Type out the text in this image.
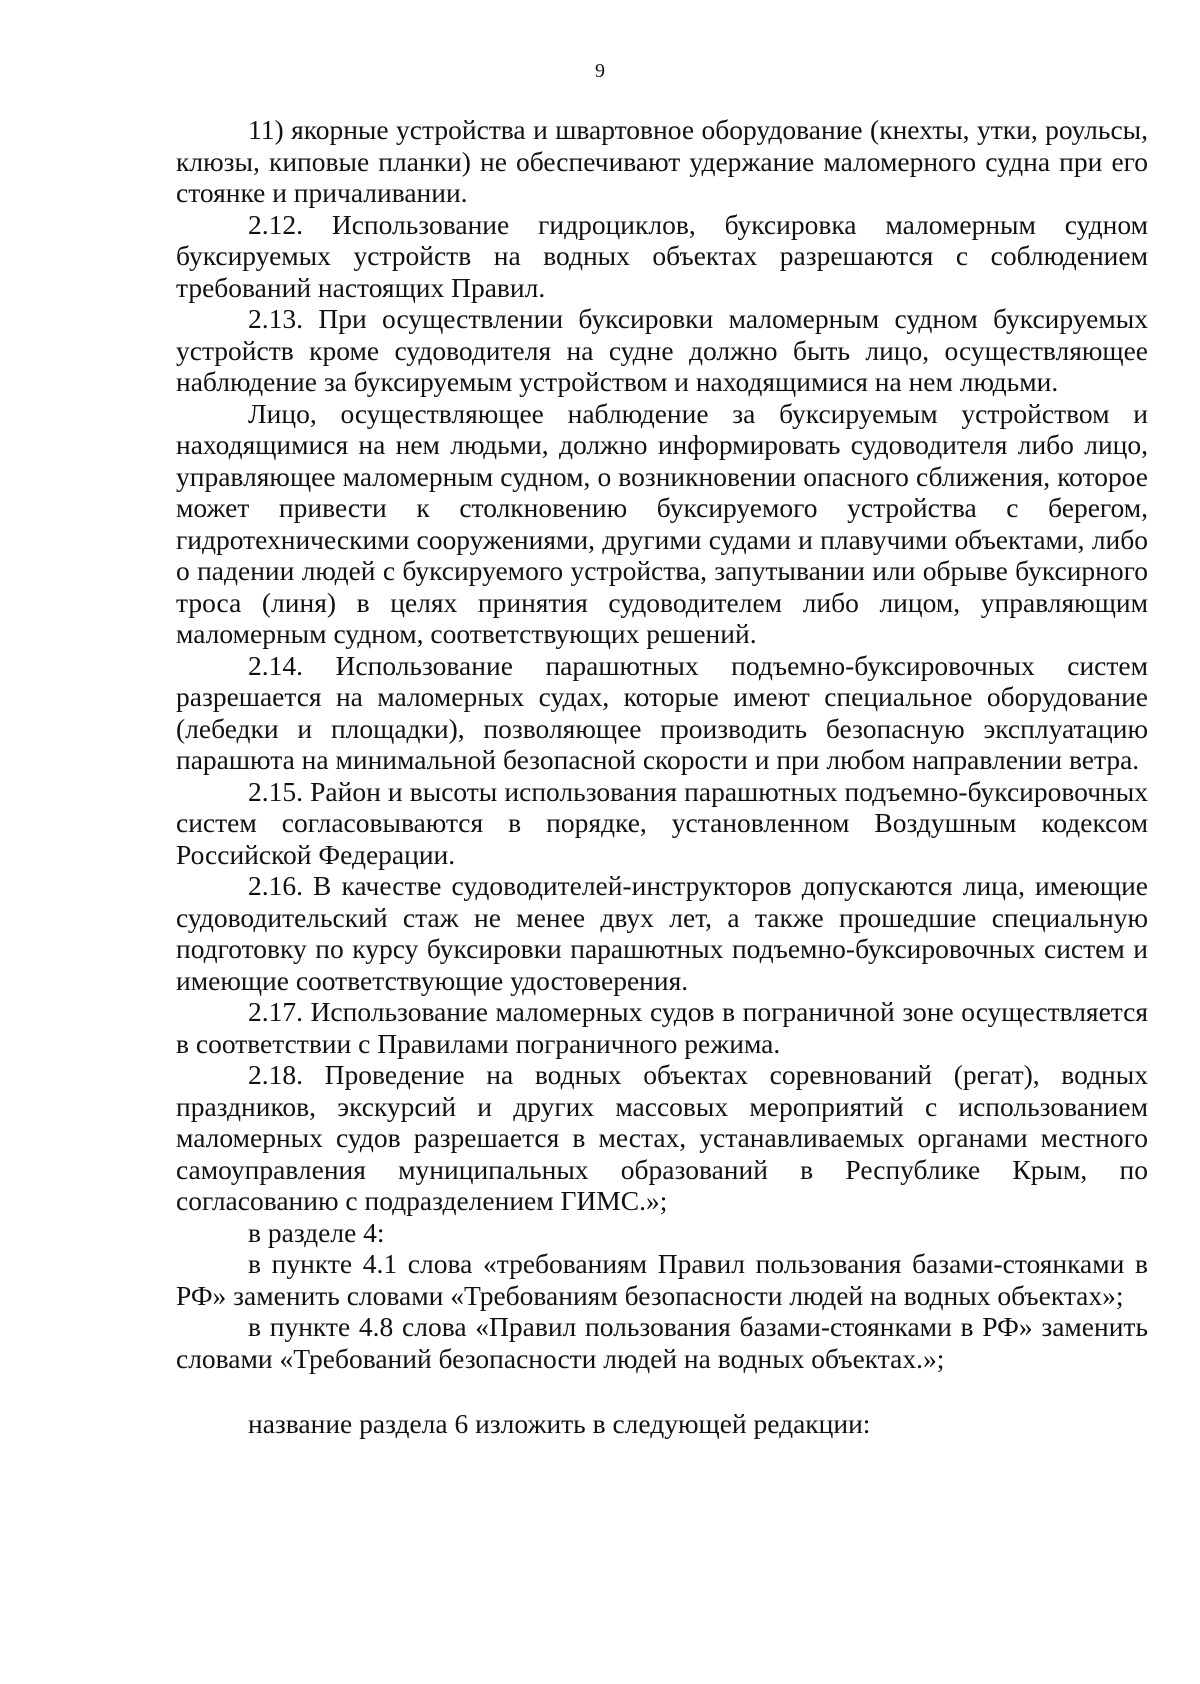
9

11) якорные устройства и швартовное оборудование (кнехты, утки, роульсы, клюзы, киповые планки) не обеспечивают удержание маломерного судна при его стоянке и причаливании.

2.12. Использование гидроциклов, буксировка маломерным судном буксируемых устройств на водных объектах разрешаются с соблюдением требований настоящих Правил.

2.13. При осуществлении буксировки маломерным судном буксируемых устройств кроме судоводителя на судне должно быть лицо, осуществляющее наблюдение за буксируемым устройством и находящимися на нем людьми.

Лицо, осуществляющее наблюдение за буксируемым устройством и находящимися на нем людьми, должно информировать судоводителя либо лицо, управляющее маломерным судном, о возникновении опасного сближения, которое может привести к столкновению буксируемого устройства с берегом, гидротехническими сооружениями, другими судами и плавучими объектами, либо о падении людей с буксируемого устройства, запутывании или обрыве буксирного троса (линя) в целях принятия судоводителем либо лицом, управляющим маломерным судном, соответствующих решений.

2.14. Использование парашютных подъемно-буксировочных систем разрешается на маломерных судах, которые имеют специальное оборудование (лебедки и площадки), позволяющее производить безопасную эксплуатацию парашюта на минимальной безопасной скорости и при любом направлении ветра.

2.15. Район и высоты использования парашютных подъемно-буксировочных систем согласовываются в порядке, установленном Воздушным кодексом Российской Федерации.

2.16. В качестве судоводителей-инструкторов допускаются лица, имеющие судоводительский стаж не менее двух лет, а также прошедшие специальную подготовку по курсу буксировки парашютных подъемно-буксировочных систем и имеющие соответствующие удостоверения.

2.17. Использование маломерных судов в пограничной зоне осуществляется в соответствии с Правилами пограничного режима.

2.18. Проведение на водных объектах соревнований (регат), водных праздников, экскурсий и других массовых мероприятий с использованием маломерных судов разрешается в местах, устанавливаемых органами местного самоуправления муниципальных образований в Республике Крым, по согласованию с подразделением ГИМС.»;

в разделе 4:

в пункте 4.1 слова «требованиям Правил пользования базами-стоянками в РФ» заменить словами «Требованиям безопасности людей на водных объектах»;

в пункте 4.8 слова «Правил пользования базами-стоянками в РФ» заменить словами «Требований безопасности людей на водных объектах.»;

название раздела 6 изложить в следующей редакции:
